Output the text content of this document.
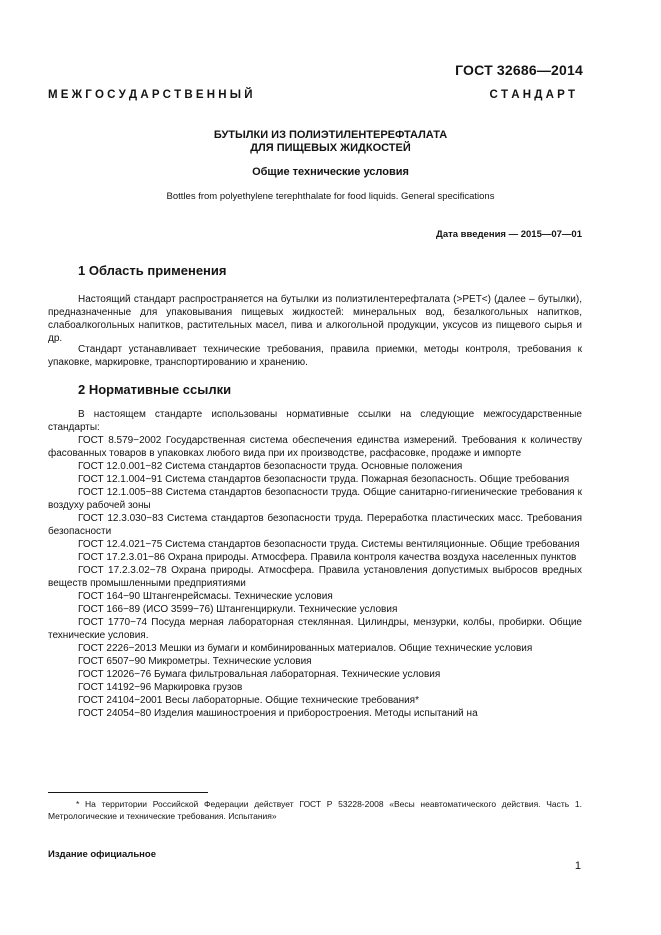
ГОСТ 32686—2014
М Е Ж Г О С У Д А Р С Т В Е Н Н Ы Й	С Т А Н Д А Р Т
БУТЫЛКИ ИЗ ПОЛИЭТИЛЕНТЕРЕФТАЛАТА
ДЛЯ ПИЩЕВЫХ ЖИДКОСТЕЙ
Общие технические условия
Bottles from polyethylene terephthalate for food liquids. General specifications
Дата введения — 2015—07—01
1 Область применения
Настоящий стандарт распространяется на бутылки из полиэтилентерефталата (>PET<) (далее – бутылки), предназначенные для упаковывания пищевых жидкостей: минеральных вод, безалкогольных напитков, слабоалкогольных напитков, растительных масел, пива и алкогольной продукции, уксусов из пищевого сырья и др.
Стандарт устанавливает технические требования, правила приемки, методы контроля, требования к упаковке, маркировке, транспортированию и хранению.
2 Нормативные ссылки
В настоящем стандарте использованы нормативные ссылки на следующие межгосударственные стандарты:
ГОСТ 8.579−2002 Государственная система обеспечения единства измерений. Требования к количеству фасованных товаров в упаковках любого вида при их производстве, расфасовке, продаже и импорте
ГОСТ 12.0.001−82 Система стандартов безопасности труда. Основные положения
ГОСТ 12.1.004−91 Система стандартов безопасности труда. Пожарная безопасность. Общие требования
ГОСТ 12.1.005−88 Система стандартов безопасности труда. Общие санитарно-гигиенические требования к воздуху рабочей зоны
ГОСТ 12.3.030−83 Система стандартов безопасности труда. Переработка пластических масс. Требования безопасности
ГОСТ 12.4.021−75 Система стандартов безопасности труда. Системы вентиляционные. Общие требования
ГОСТ 17.2.3.01−86 Охрана природы. Атмосфера. Правила контроля качества воздуха населенных пунктов
ГОСТ 17.2.3.02−78 Охрана природы. Атмосфера. Правила установления допустимых выбросов вредных веществ промышленными предприятиями
ГОСТ 164−90 Штангенрейсмасы. Технические условия
ГОСТ 166−89 (ИСО 3599−76) Штангенциркули. Технические условия
ГОСТ 1770−74 Посуда мерная лабораторная стеклянная. Цилиндры, мензурки, колбы, пробирки. Общие технические условия.
ГОСТ 2226−2013 Мешки из бумаги и комбинированных материалов. Общие технические условия
ГОСТ 6507−90 Микрометры. Технические условия
ГОСТ 12026−76 Бумага фильтровальная лабораторная. Технические условия
ГОСТ 14192−96 Маркировка грузов
ГОСТ 24104−2001 Весы лабораторные. Общие технические требования*
ГОСТ 24054−80 Изделия машиностроения и приборостроения. Методы испытаний на
* На территории Российской Федерации действует ГОСТ Р 53228-2008 «Весы неавтоматического действия. Часть 1. Метрологические и технические требования. Испытания»
Издание официальное
1
